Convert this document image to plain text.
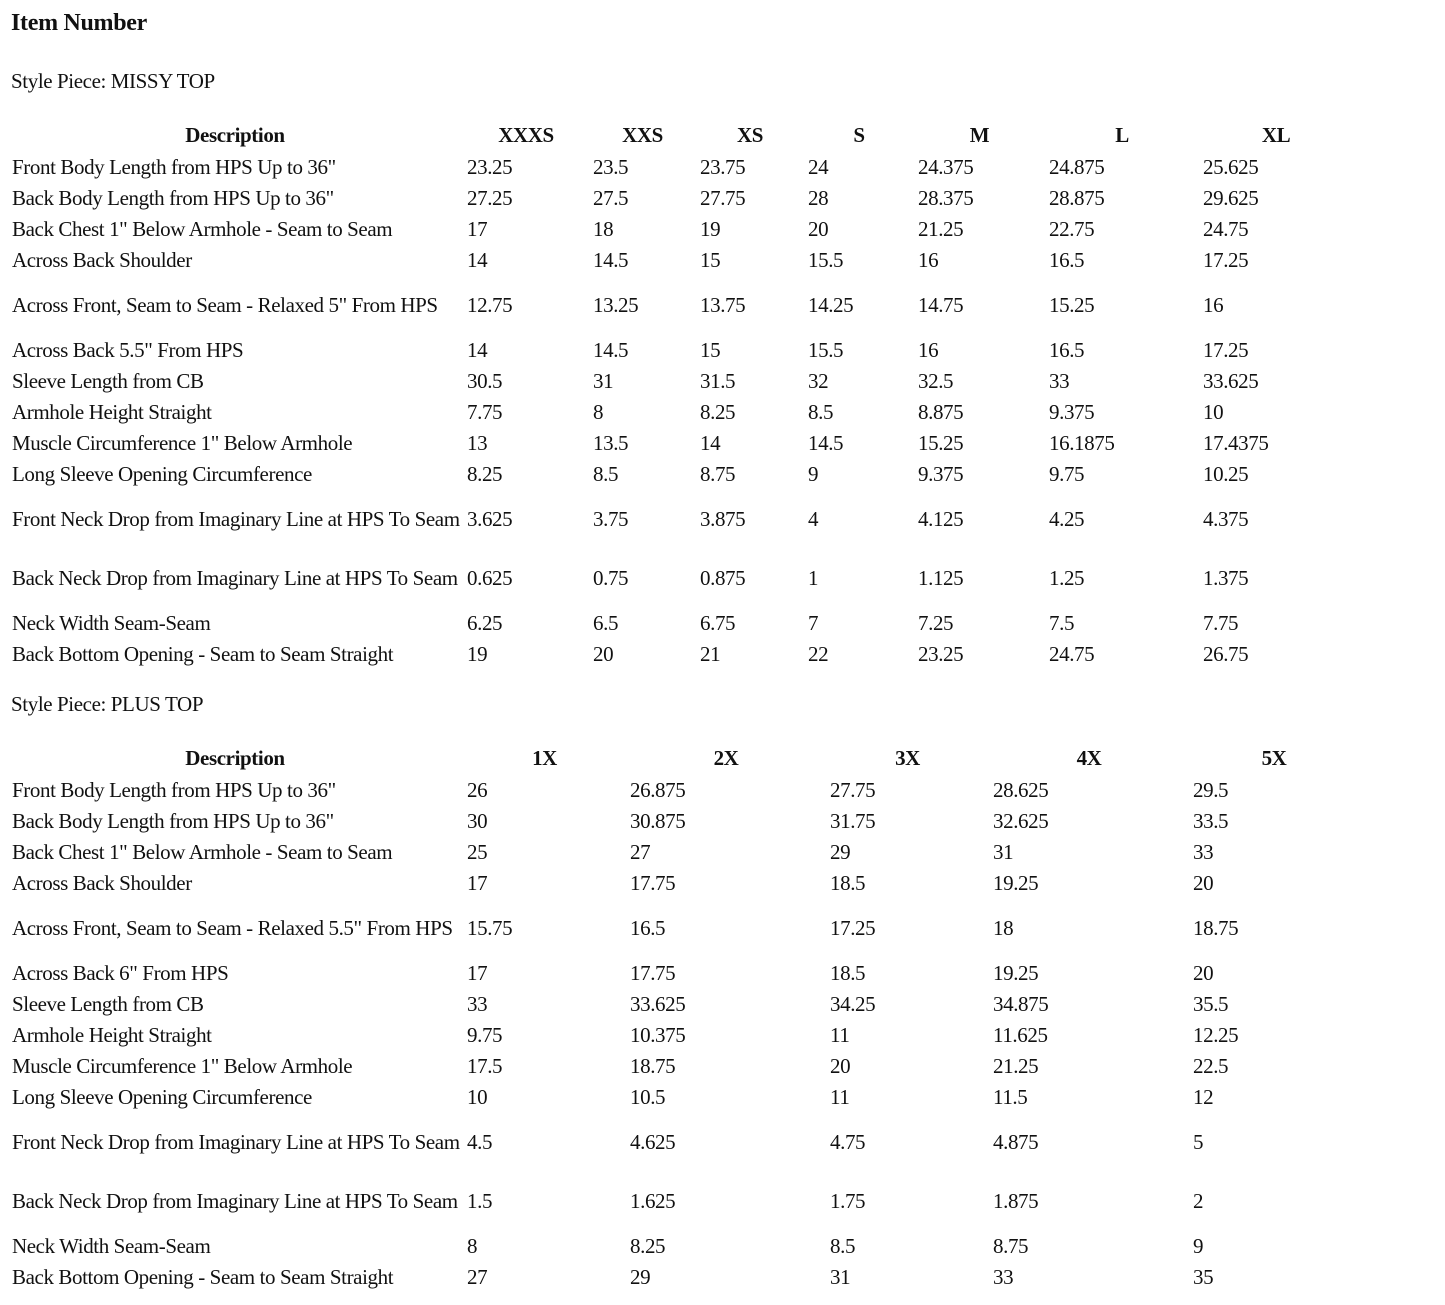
Item Number
Style Piece: MISSY TOP
Description	XXXS	XXS	XS	S	M	L	XL
Front Body Length from HPS Up to 36"	23.25	23.5	23.75	24	24.375	24.875	25.625
Back Body Length from HPS Up to 36"	27.25	27.5	27.75	28	28.375	28.875	29.625
Back Chest 1" Below Armhole - Seam to Seam	17	18	19	20	21.25	22.75	24.75
Across Back Shoulder	14	14.5	15	15.5	16	16.5	17.25
Across Front, Seam to Seam - Relaxed 5" From HPS	12.75	13.25	13.75	14.25	14.75	15.25	16
Across Back 5.5" From HPS	14	14.5	15	15.5	16	16.5	17.25
Sleeve Length from CB	30.5	31	31.5	32	32.5	33	33.625
Armhole Height Straight	7.75	8	8.25	8.5	8.875	9.375	10
Muscle Circumference 1" Below Armhole	13	13.5	14	14.5	15.25	16.1875	17.4375
Long Sleeve Opening Circumference	8.25	8.5	8.75	9	9.375	9.75	10.25
Front Neck Drop from Imaginary Line at HPS To Seam	3.625	3.75	3.875	4	4.125	4.25	4.375
Back Neck Drop from Imaginary Line at HPS To Seam	0.625	0.75	0.875	1	1.125	1.25	1.375
Neck Width Seam-Seam	6.25	6.5	6.75	7	7.25	7.5	7.75
Back Bottom Opening - Seam to Seam Straight	19	20	21	22	23.25	24.75	26.75
Style Piece: PLUS TOP
Description	1X	2X	3X	4X	5X
Front Body Length from HPS Up to 36"	26	26.875	27.75	28.625	29.5
Back Body Length from HPS Up to 36"	30	30.875	31.75	32.625	33.5
Back Chest 1" Below Armhole - Seam to Seam	25	27	29	31	33
Across Back Shoulder	17	17.75	18.5	19.25	20
Across Front, Seam to Seam - Relaxed 5.5" From HPS	15.75	16.5	17.25	18	18.75
Across Back 6" From HPS	17	17.75	18.5	19.25	20
Sleeve Length from CB	33	33.625	34.25	34.875	35.5
Armhole Height Straight	9.75	10.375	11	11.625	12.25
Muscle Circumference 1" Below Armhole	17.5	18.75	20	21.25	22.5
Long Sleeve Opening Circumference	10	10.5	11	11.5	12
Front Neck Drop from Imaginary Line at HPS To Seam	4.5	4.625	4.75	4.875	5
Back Neck Drop from Imaginary Line at HPS To Seam	1.5	1.625	1.75	1.875	2
Neck Width Seam-Seam	8	8.25	8.5	8.75	9
Back Bottom Opening - Seam to Seam Straight	27	29	31	33	35
